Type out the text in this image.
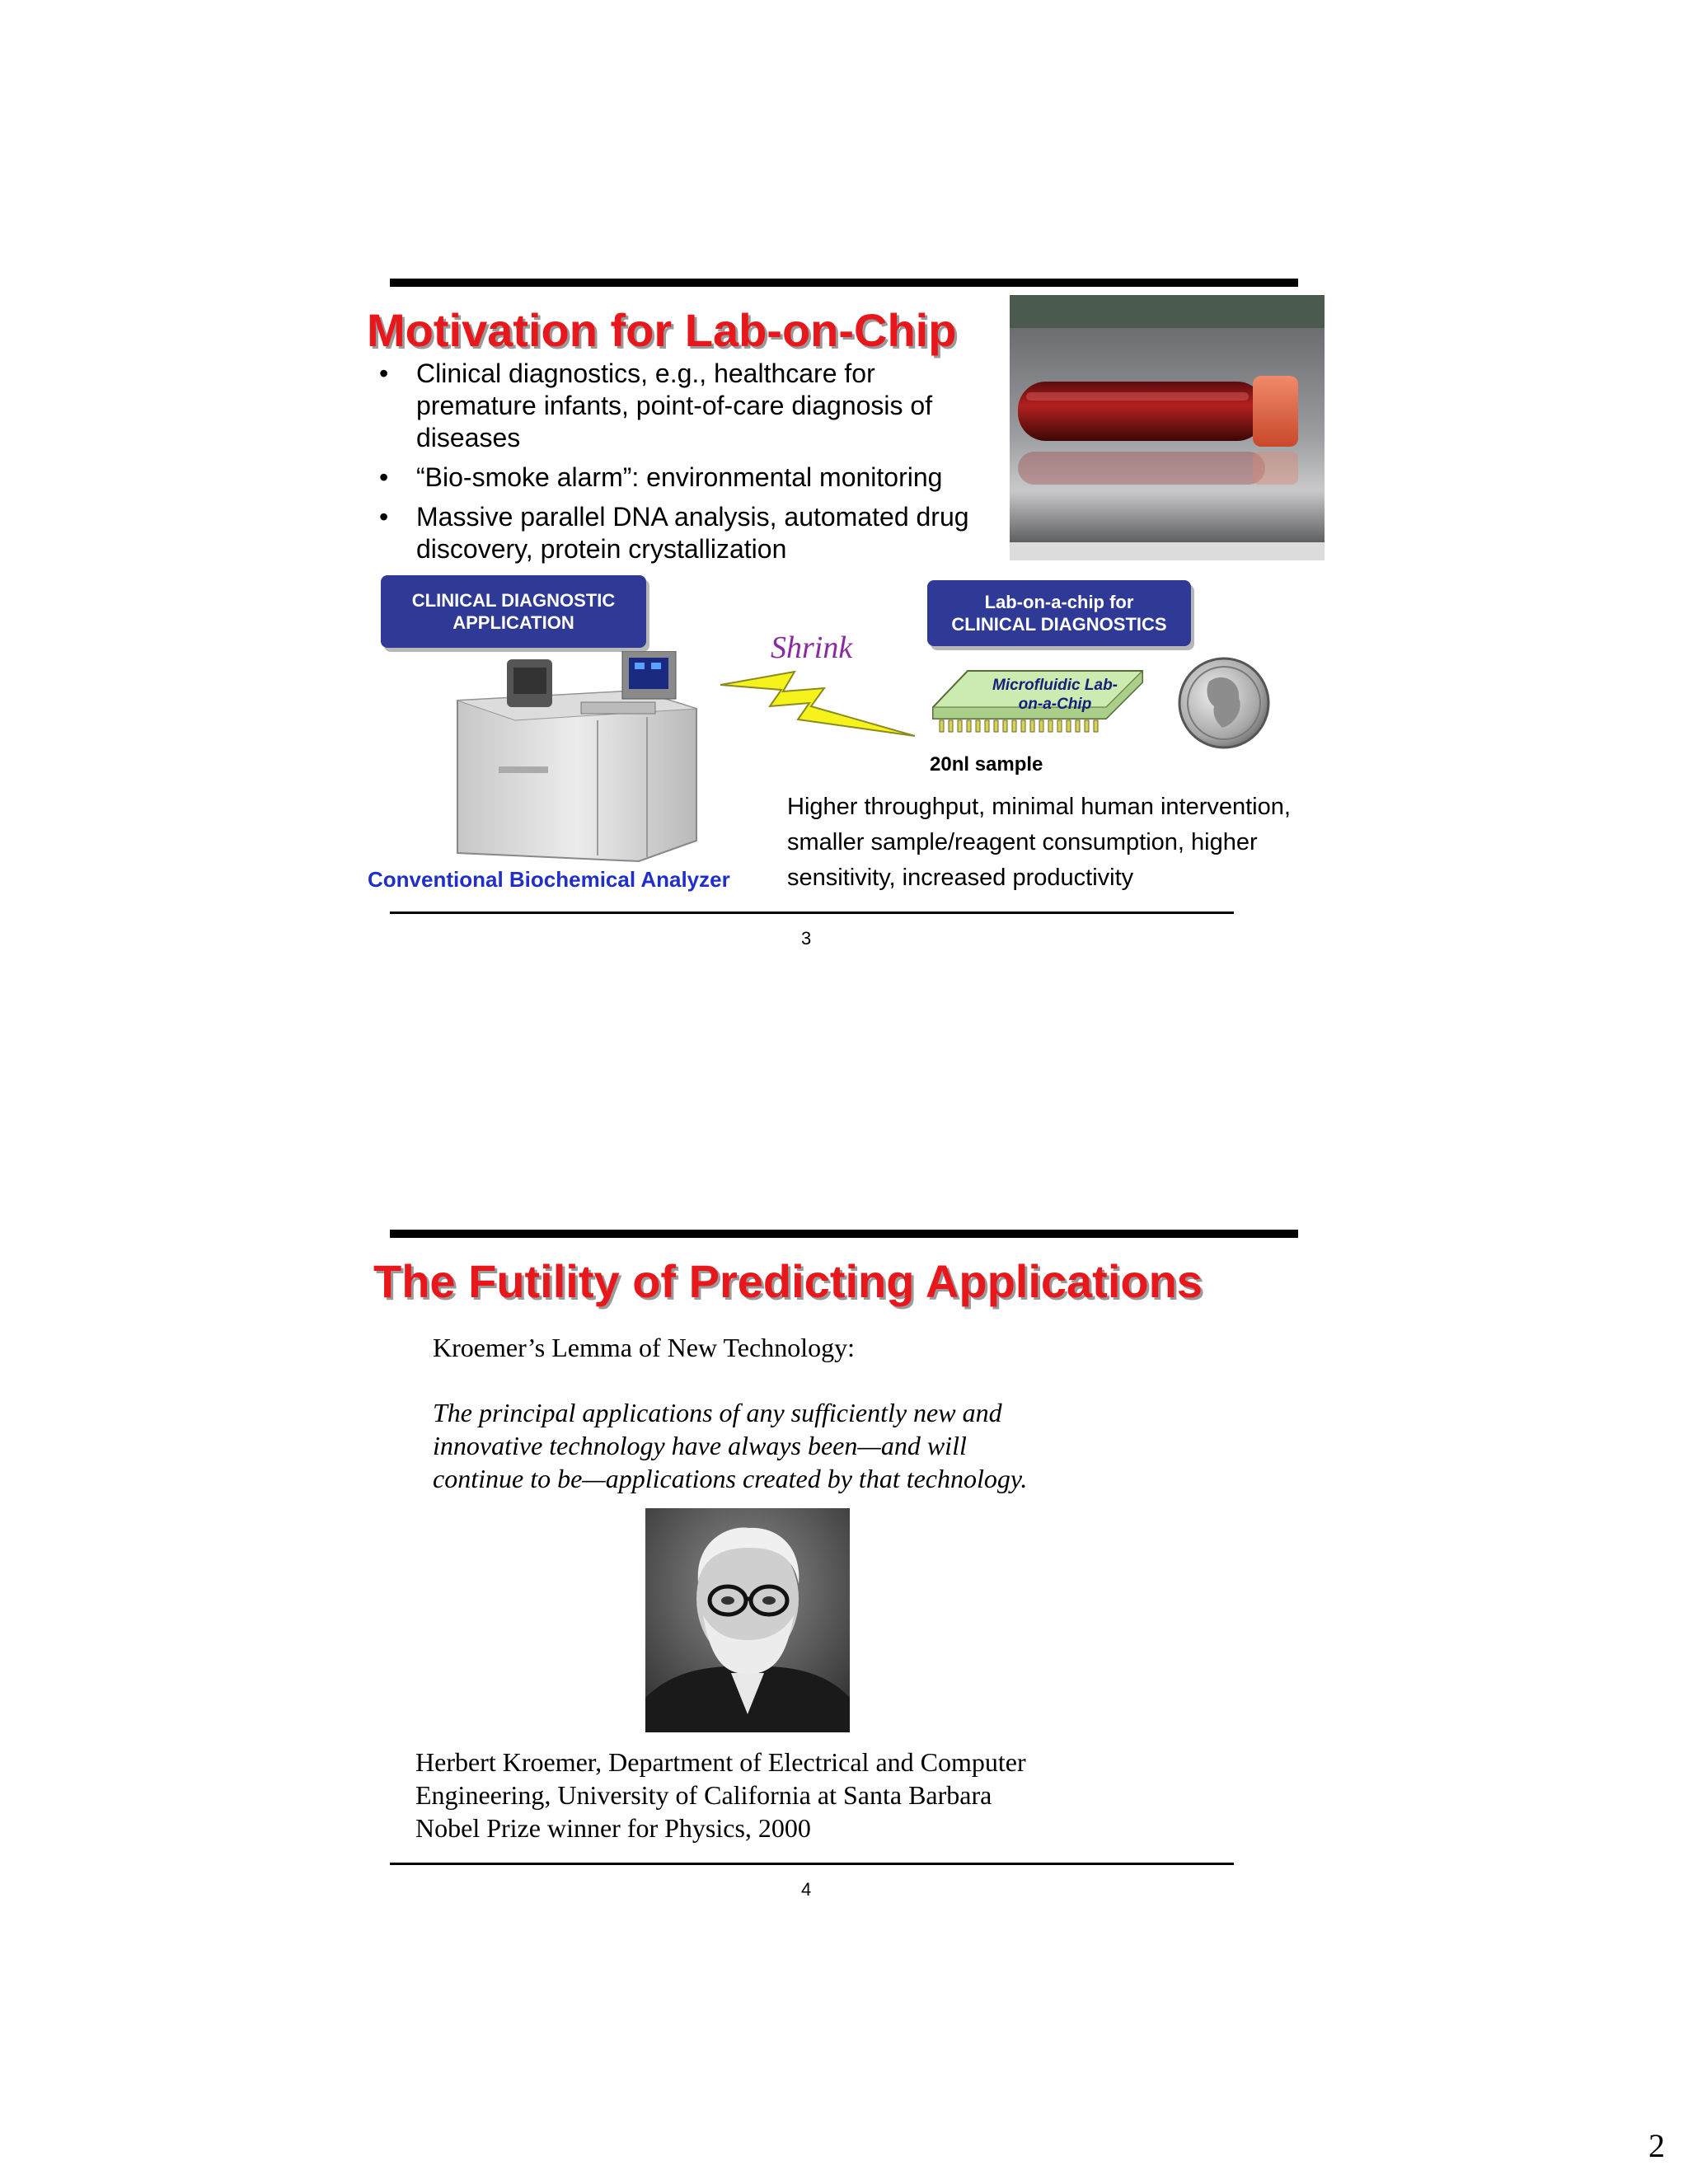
Motivation for Lab-on-Chip
• Clinical diagnostics, e.g., healthcare for premature infants, point-of-care diagnosis of diseases
• “Bio-smoke alarm”: environmental monitoring
• Massive parallel DNA analysis, automated drug discovery, protein crystallization
CLINICAL DIAGNOSTIC APPLICATION
Lab-on-a-chip for CLINICAL DIAGNOSTICS
Shrink
Microfluidic Lab-on-a-Chip
20nl sample
Higher throughput, minimal human intervention,
smaller sample/reagent consumption, higher
sensitivity, increased productivity
Conventional Biochemical Analyzer
3
The Futility of Predicting Applications
Kroemer’s Lemma of New Technology:
The principal applications of any sufficiently new and
innovative technology have always been—and will
continue to be—applications created by that technology.
Herbert Kroemer, Department of Electrical and Computer
Engineering, University of California at Santa Barbara
Nobel Prize winner for Physics, 2000
4
2
